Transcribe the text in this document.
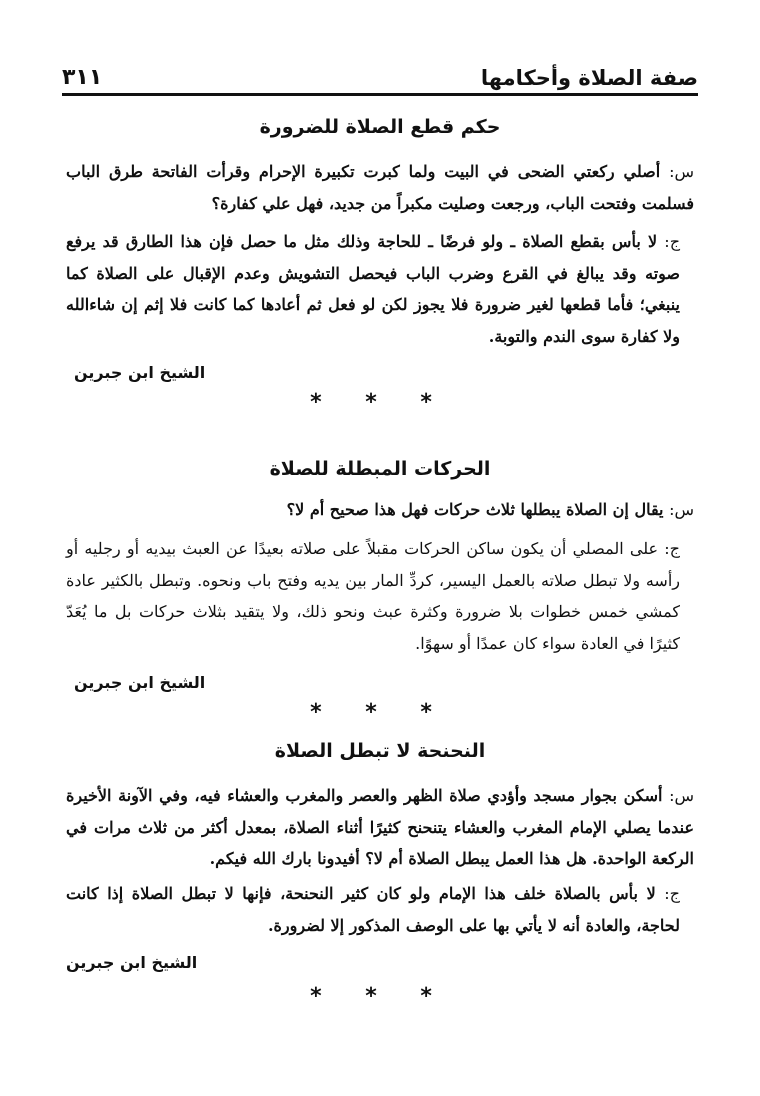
صفة الصلاة وأحكامها
٣١١
حكم قطع الصلاة للضرورة

س: أصلي ركعتي الضحى في البيت ولما كبرت تكبيرة الإحرام وقرأت الفاتحة طرق الباب فسلمت وفتحت الباب، ورجعت وصليت مكبراً من جديد، فهل علي كفارة؟

ج: لا بأس بقطع الصلاة ـ ولو فرضًا ـ للحاجة وذلك مثل ما حصل فإن هذا الطارق قد يرفع صوته وقد يبالغ في القرع وضرب الباب فيحصل التشويش وعدم الإقبال على الصلاة كما ينبغي؛ فأما قطعها لغير ضرورة فلا يجوز لكن لو فعل ثم أعادها كما كانت فلا إثم إن شاءالله ولا كفارة سوى الندم والتوبة.

الشيخ ابن جبرين
* * *
الحركات المبطلة للصلاة

س: يقال إن الصلاة يبطلها ثلاث حركات فهل هذا صحيح أم لا؟

ج: على المصلي أن يكون ساكن الحركات مقبلاً على صلاته بعيدًا عن العبث بيديه أو رجليه أو رأسه ولا تبطل صلاته بالعمل اليسير، كردِّ المار بين يديه وفتح باب ونحوه. وتبطل بالكثير عادة كمشي خمس خطوات بلا ضرورة وكثرة عبث ونحو ذلك، ولا يتقيد بثلاث حركات بل ما يُعَدّ كثيرًا في العادة سواء كان عمدًا أو سهوًا.

الشيخ ابن جبرين
* * *
النحنحة لا تبطل الصلاة

س: أسكن بجوار مسجد وأؤدي صلاة الظهر والعصر والمغرب والعشاء فيه، وفي الآونة الأخيرة عندما يصلي الإمام المغرب والعشاء يتنحنح كثيرًا أثناء الصلاة، بمعدل أكثر من ثلاث مرات في الركعة الواحدة. هل هذا العمل يبطل الصلاة أم لا؟ أفيدونا بارك الله فيكم.

ج: لا بأس بالصلاة خلف هذا الإمام ولو كان كثير النحنحة، فإنها لا تبطل الصلاة إذا كانت لحاجة، والعادة أنه لا يأتي بها على الوصف المذكور إلا لضرورة.

الشيخ ابن جبرين
* * *
